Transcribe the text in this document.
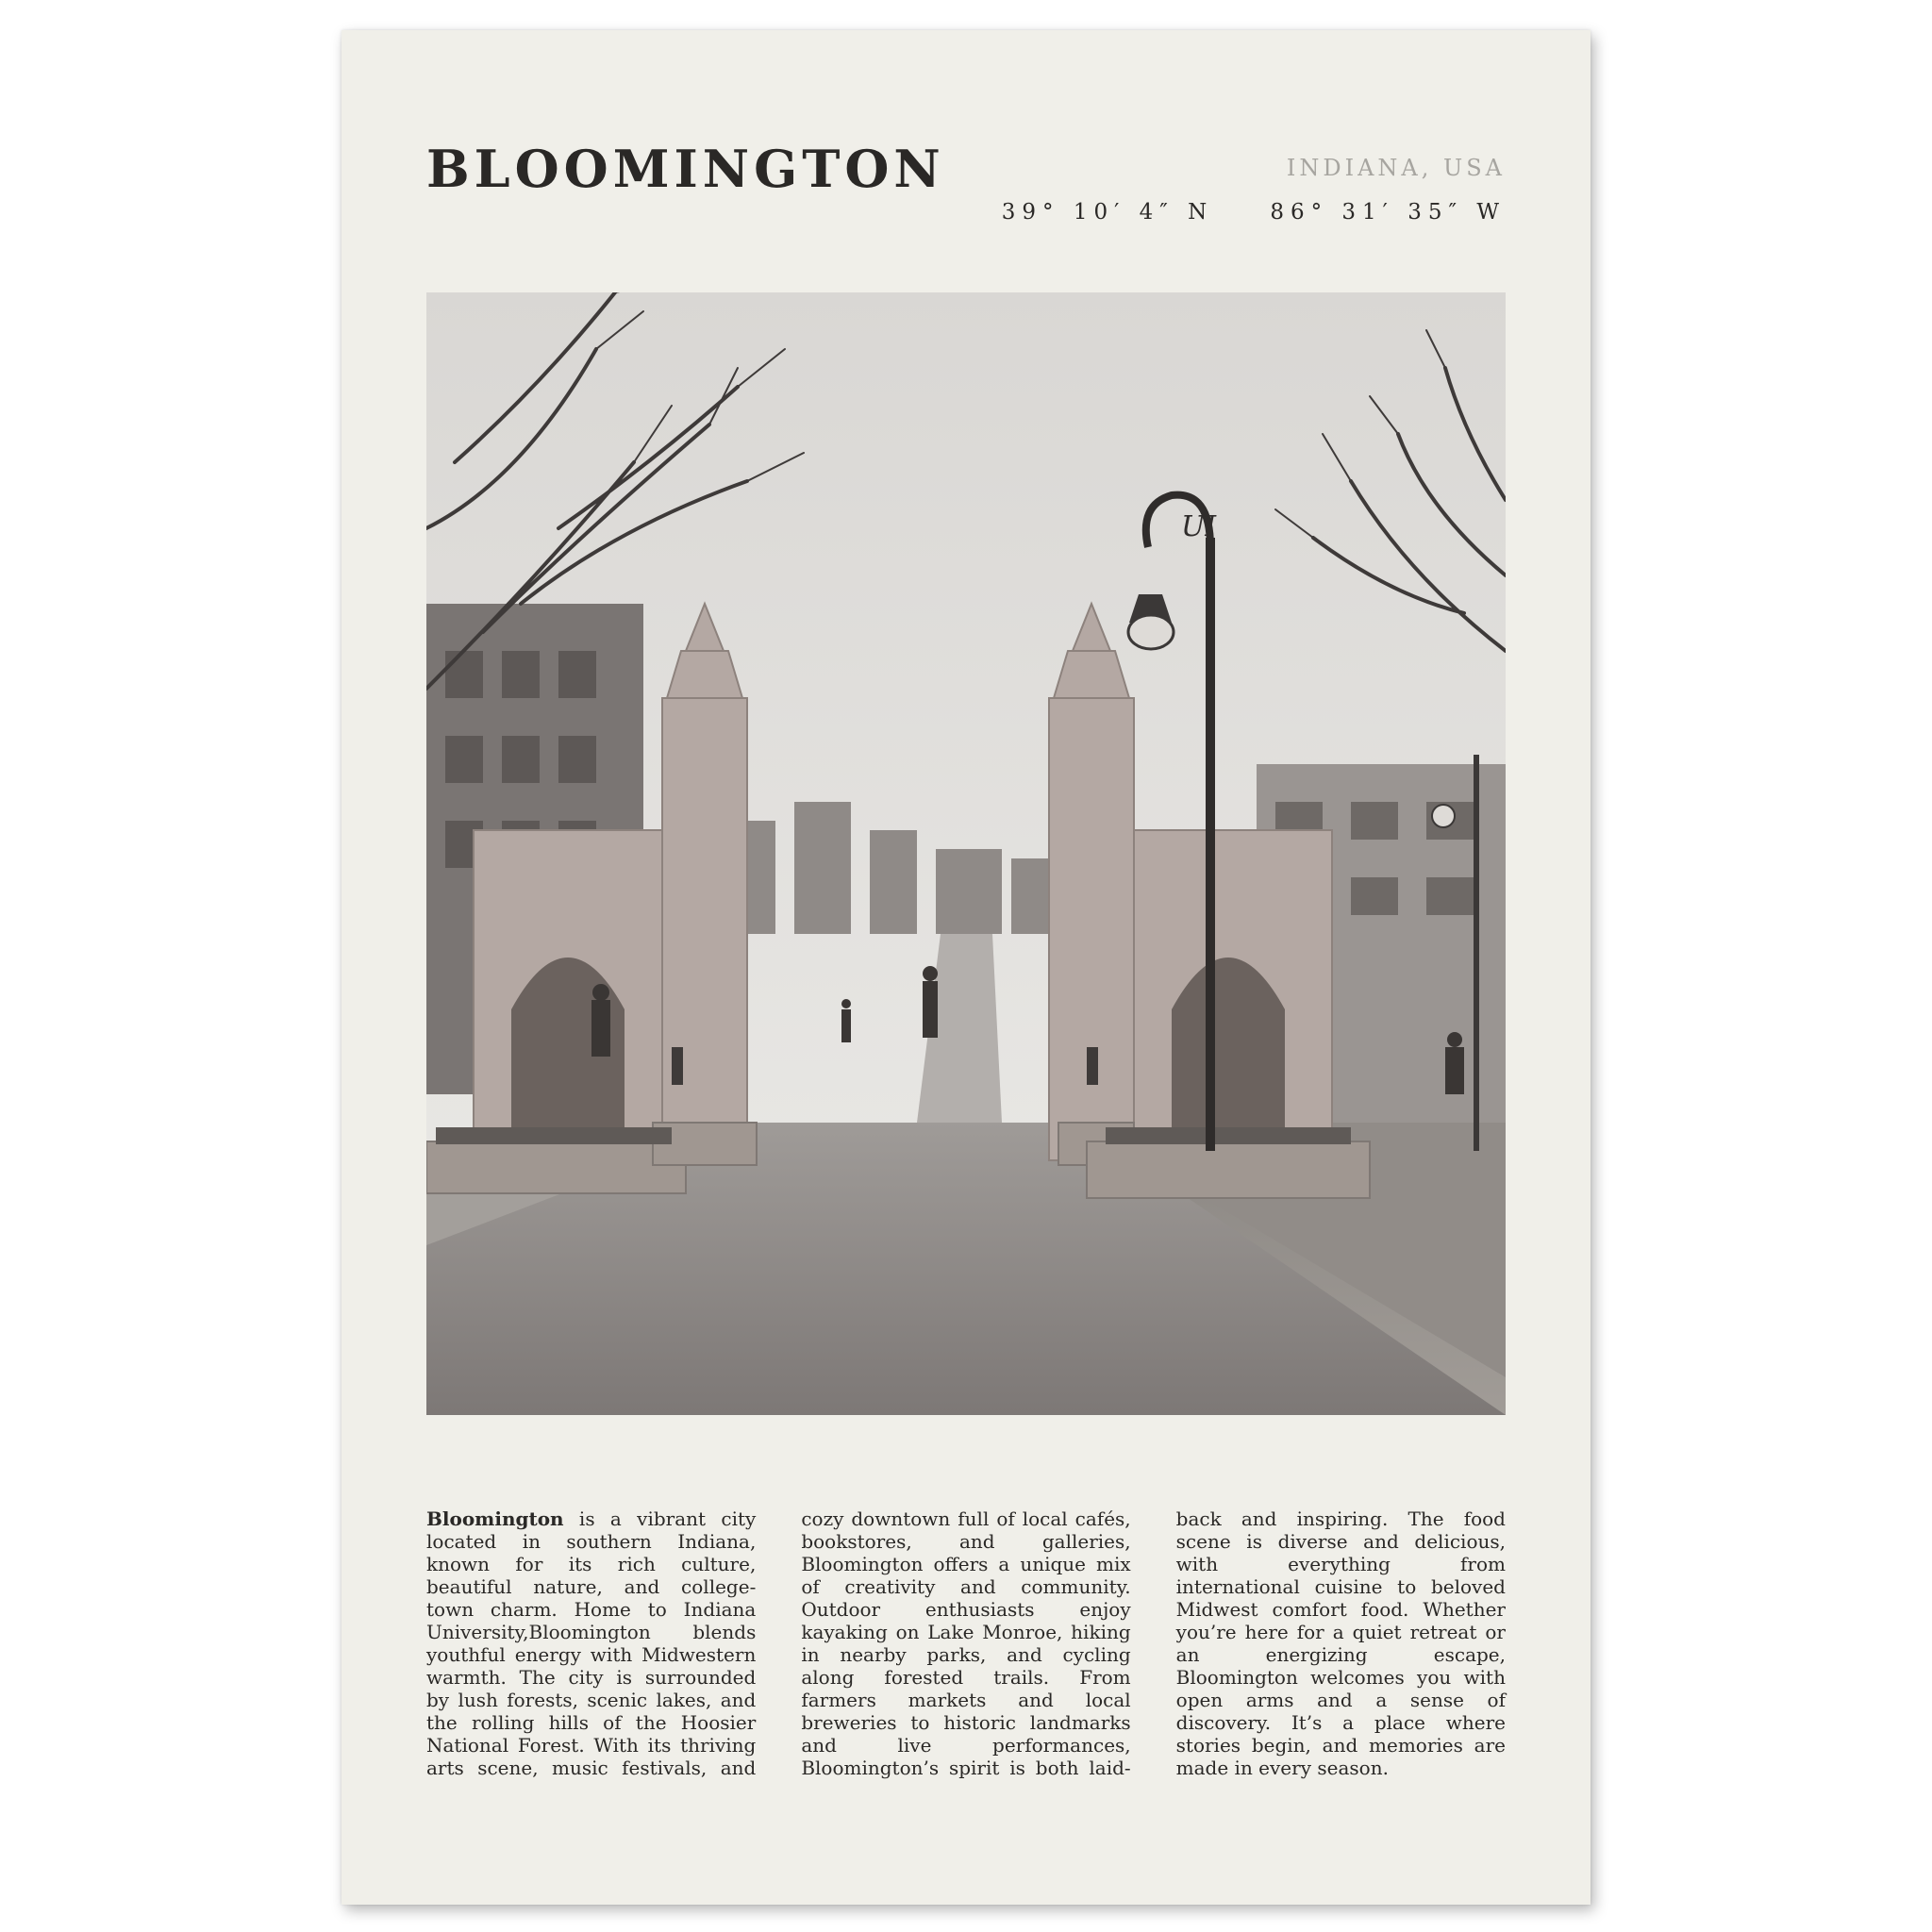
BLOOMINGTON	INDIANA, USA
39° 10′ 4″ N	86° 31′ 35″ W
UI

Bloomington is a vibrant city located in southern Indiana, known for its rich culture, beautiful nature, and college-town charm. Home to Indiana University,Bloomington blends youthful energy with Midwestern warmth. The city is surrounded by lush forests, scenic lakes, and the rolling hills of the Hoosier National Forest. With its thriving arts scene, music festivals, and cozy downtown full of local cafés, bookstores, and galleries, Bloomington offers a unique mix of creativity and community. Outdoor enthusiasts enjoy kayaking on Lake Monroe, hiking in nearby parks, and cycling along forested trails. From farmers markets and local breweries to historic landmarks and live performances, Bloomington’s spirit is both laid-back and inspiring. The food scene is diverse and delicious, with everything from international cuisine to beloved Midwest comfort food. Whether you’re here for a quiet retreat or an energizing escape, Bloomington welcomes you with open arms and a sense of discovery. It’s a place where stories begin, and memories are made in every season.
